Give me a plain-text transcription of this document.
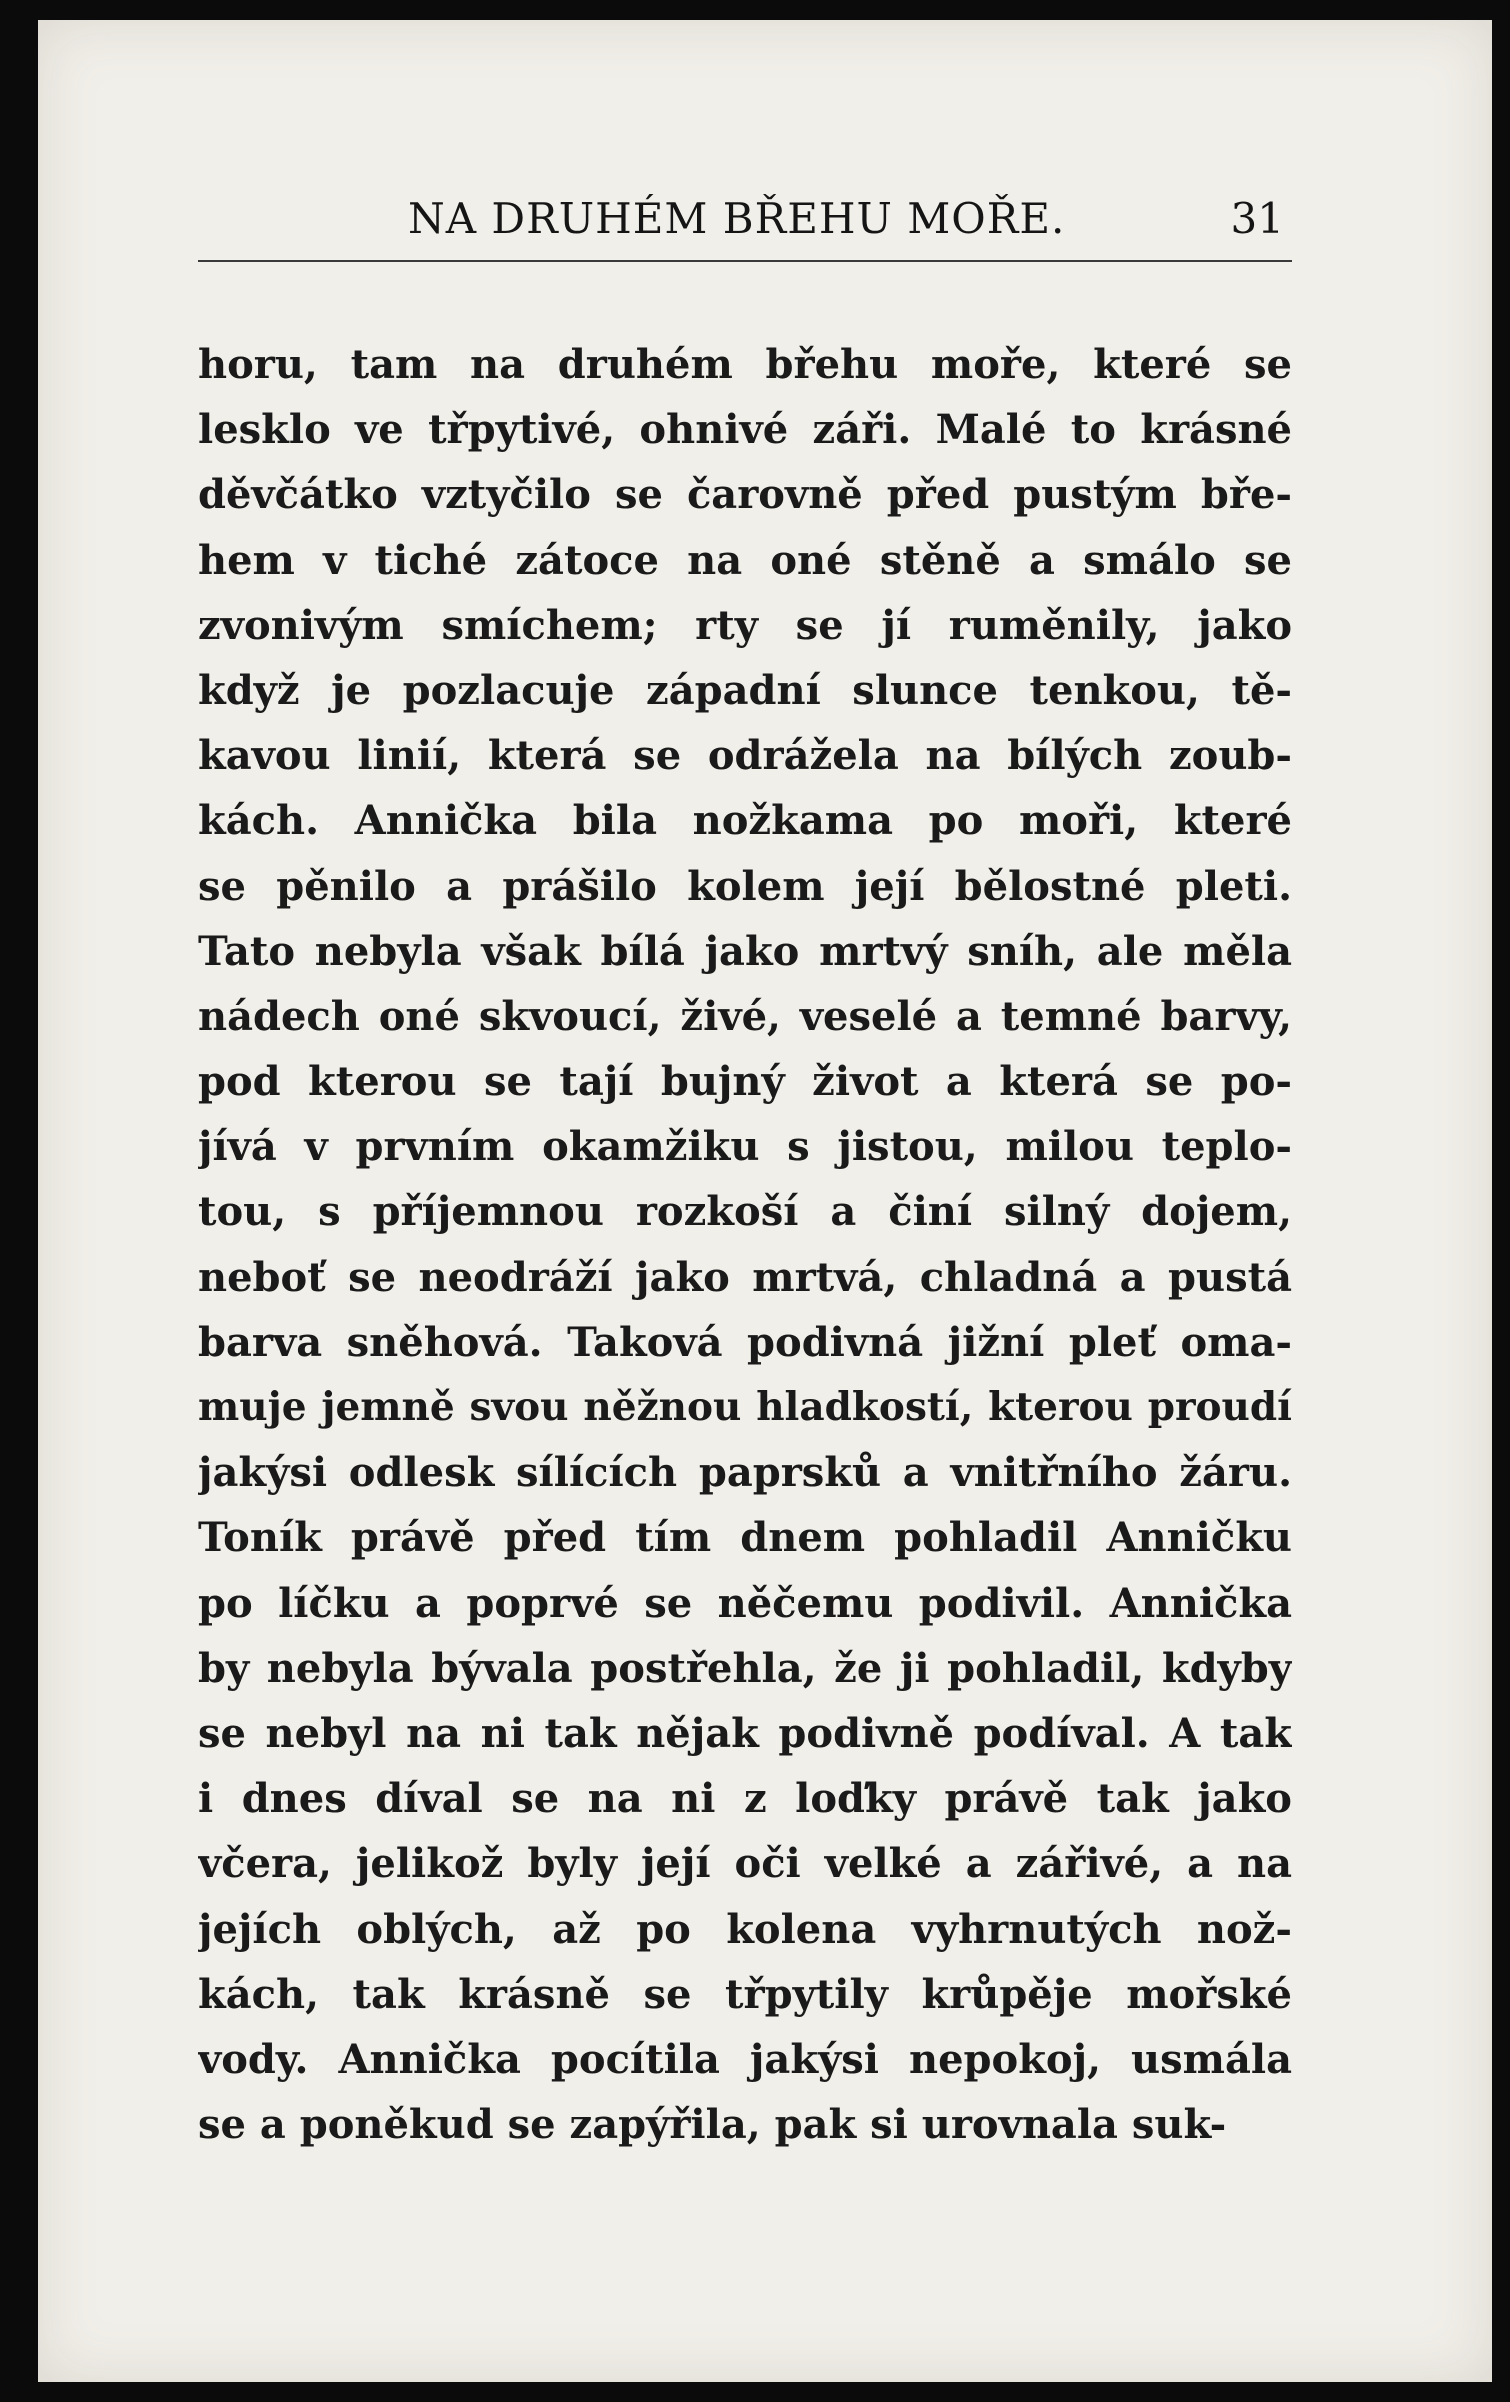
NA DRUHÉM BŘEHU MOŘE.	31
horu, tam na druhém břehu moře, které se
lesklo ve třpytivé, ohnivé záři. Malé to krásné
děvčátko vztyčilo se čarovně před pustým bře-
hem v tiché zátoce na oné stěně a smálo se
zvonivým smíchem; rty se jí ruměnily, jako
když je pozlacuje západní slunce tenkou, tě-
kavou linií, která se odrážela na bílých zoub-
kách. Annička bila nožkama po moři, které
se pěnilo a prášilo kolem její bělostné pleti.
Tato nebyla však bílá jako mrtvý sníh, ale měla
nádech oné skvoucí, živé, veselé a temné barvy,
pod kterou se tají bujný život a která se po-
jívá v prvním okamžiku s jistou, milou teplo-
tou, s příjemnou rozkoší a činí silný dojem,
neboť se neodráží jako mrtvá, chladná a pustá
barva sněhová. Taková podivná jižní pleť oma-
muje jemně svou něžnou hladkostí, kterou proudí
jakýsi odlesk sílících paprsků a vnitřního žáru.
Toník právě před tím dnem pohladil Anničku
po líčku a poprvé se něčemu podivil. Annička
by nebyla bývala postřehla, že ji pohladil, kdyby
se nebyl na ni tak nějak podivně podíval. A tak
i dnes díval se na ni z loďky právě tak jako
včera, jelikož byly její oči velké a zářivé, a na
jejích oblých, až po kolena vyhrnutých nož-
kách, tak krásně se třpytily krůpěje mořské
vody. Annička pocítila jakýsi nepokoj, usmála
se a poněkud se zapýřila, pak si urovnala suk-
